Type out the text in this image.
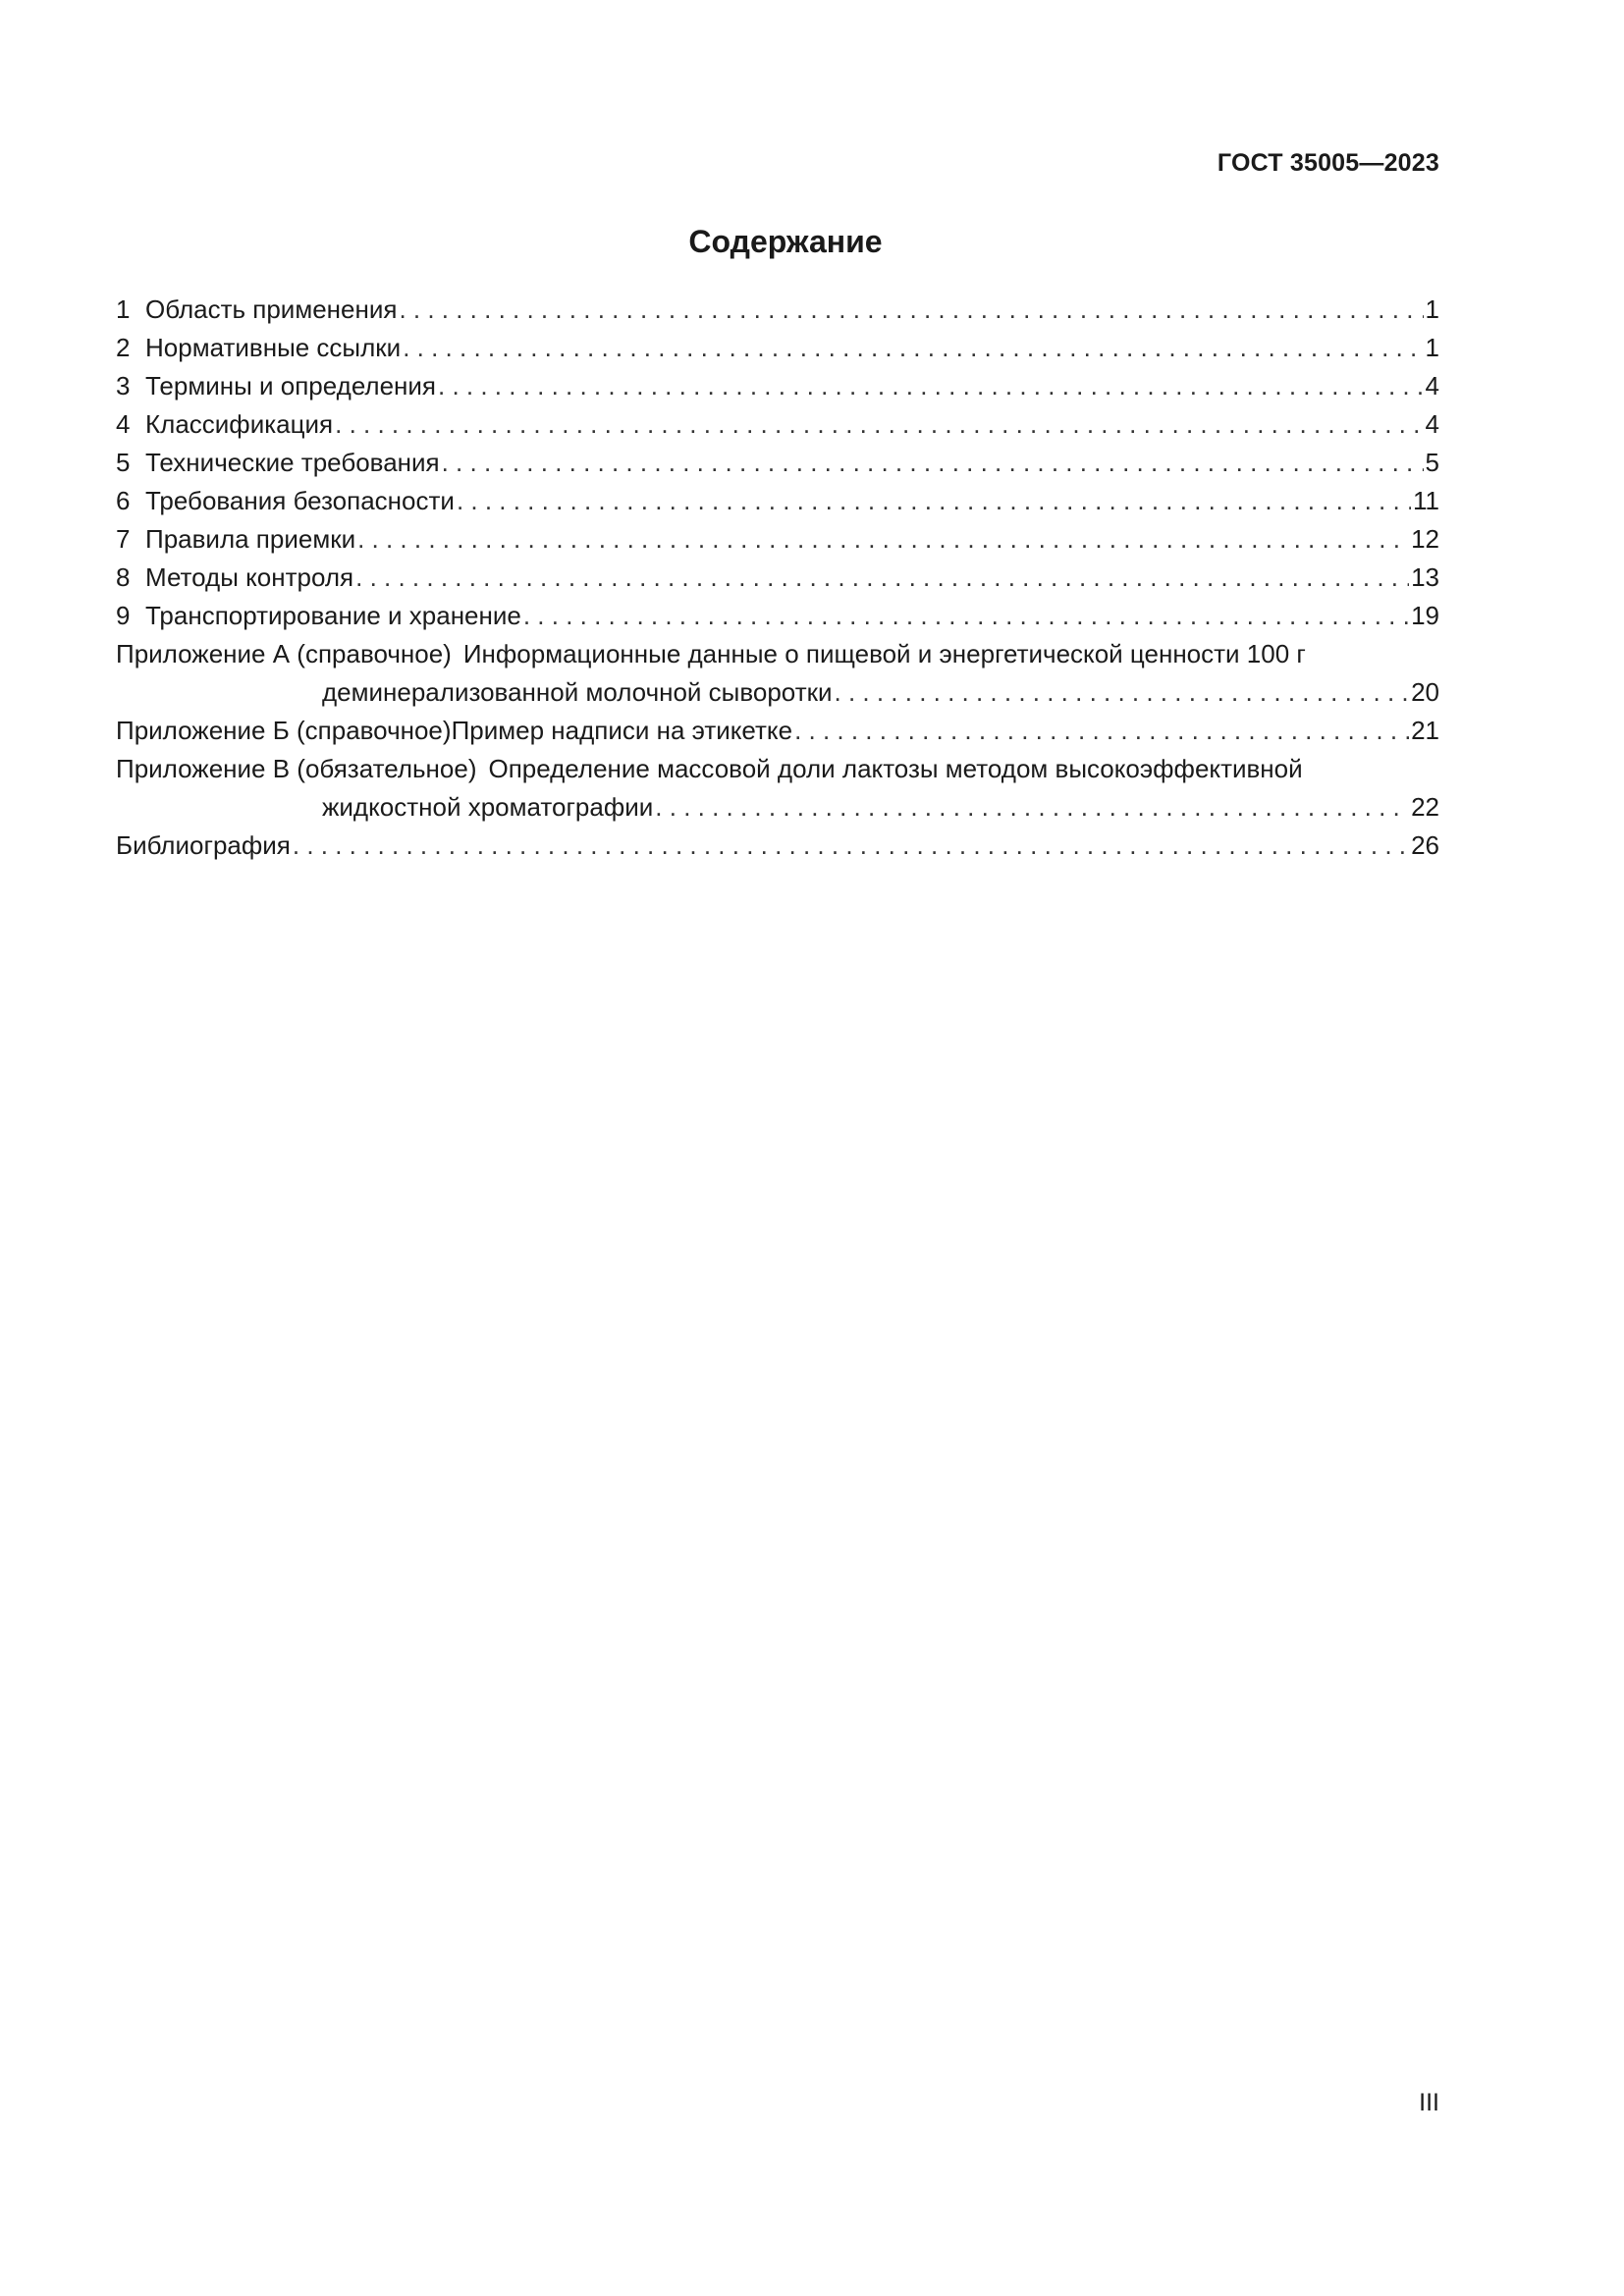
ГОСТ 35005—2023
Содержание
1 Область применения . . .	1
2 Нормативные ссылки . . .	1
3 Термины и определения . . .	4
4 Классификация . . .	4
5 Технические требования . . .	5
6 Требования безопасности . . .	11
7 Правила приемки . . .	12
8 Методы контроля . . .	13
9 Транспортирование и хранение . . .	19
Приложение А (справочное) Информационные данные о пищевой и энергетической ценности 100 г
деминерализованной молочной сыворотки . . .	20
Приложение Б (справочное)Пример надписи на этикетке . . .	21
Приложение В (обязательное) Определение массовой доли лактозы методом высокоэффективной
жидкостной хроматографии . . .	22
Библиография . . .	26
III
